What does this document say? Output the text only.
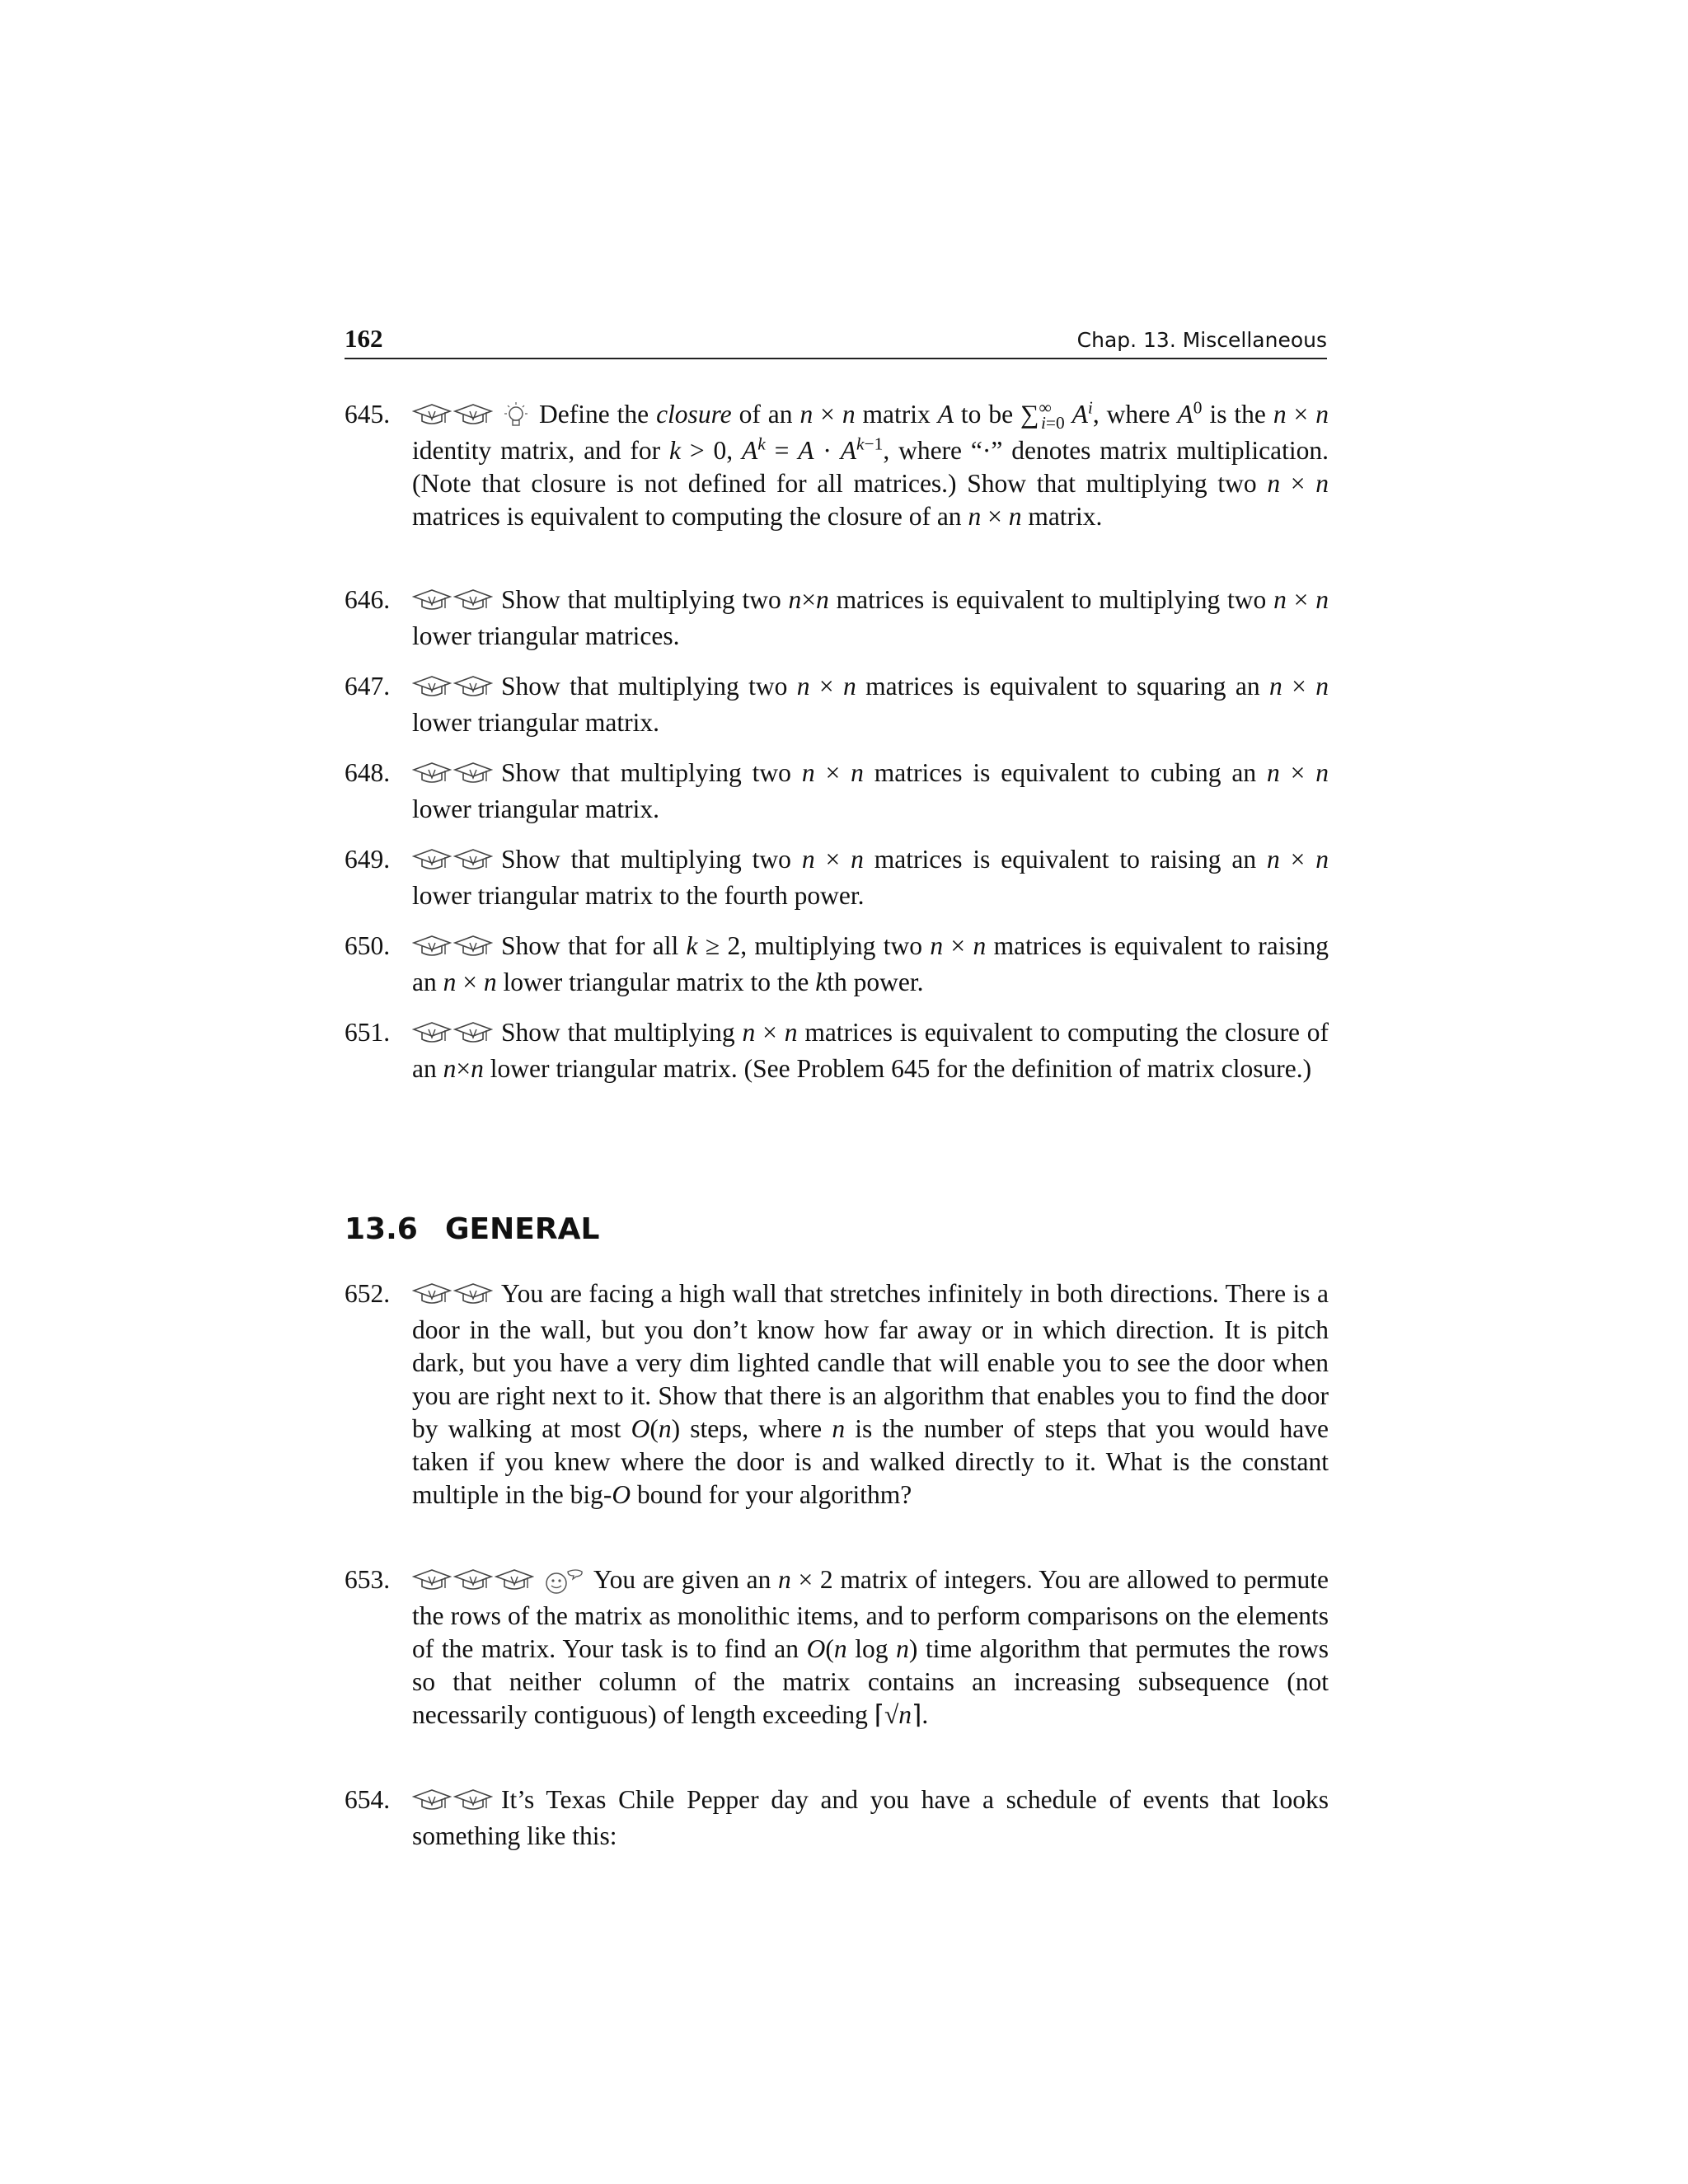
162	Chap. 13. Miscellaneous
645.	Define the closure of an n × n matrix A to be $\sum^\infty_{i=0}$ $A^i$, where $A^0$ is the n × n identity matrix, and for k > 0, $A^k = A \cdot A^{k-1}$, where “·” denotes matrix multiplication. (Note that closure is not defined for all matrices.) Show that multiplying two n × n matrices is equivalent to computing the closure of an n × n matrix.
646.	Show that multiplying two n×n matrices is equivalent to multiplying two n × n lower triangular matrices.
647.	Show that multiplying two n × n matrices is equivalent to squaring an n × n lower triangular matrix.
648.	Show that multiplying two n × n matrices is equivalent to cubing an n × n lower triangular matrix.
649.	Show that multiplying two n × n matrices is equivalent to raising an n × n lower triangular matrix to the fourth power.
650.	Show that for all k ≥ 2, multiplying two n × n matrices is equivalent to raising an n × n lower triangular matrix to the kth power.
651.	Show that multiplying n × n matrices is equivalent to computing the closure of an n×n lower triangular matrix. (See Problem 645 for the definition of matrix closure.)
13.6 GENERAL
652.	You are facing a high wall that stretches infinitely in both directions. There is a door in the wall, but you don’t know how far away or in which direction. It is pitch dark, but you have a very dim lighted candle that will enable you to see the door when you are right next to it. Show that there is an algorithm that enables you to find the door by walking at most O(n) steps, where n is the number of steps that you would have taken if you knew where the door is and walked directly to it. What is the constant multiple in the big-O bound for your algorithm?
653.	You are given an n × 2 matrix of integers. You are allowed to permute the rows of the matrix as monolithic items, and to perform comparisons on the elements of the matrix. Your task is to find an O(n log n) time algorithm that permutes the rows so that neither column of the matrix contains an increasing subsequence (not necessarily contiguous) of length exceeding ⌈√n⌉.
654.	It’s Texas Chile Pepper day and you have a schedule of events that looks something like this:
